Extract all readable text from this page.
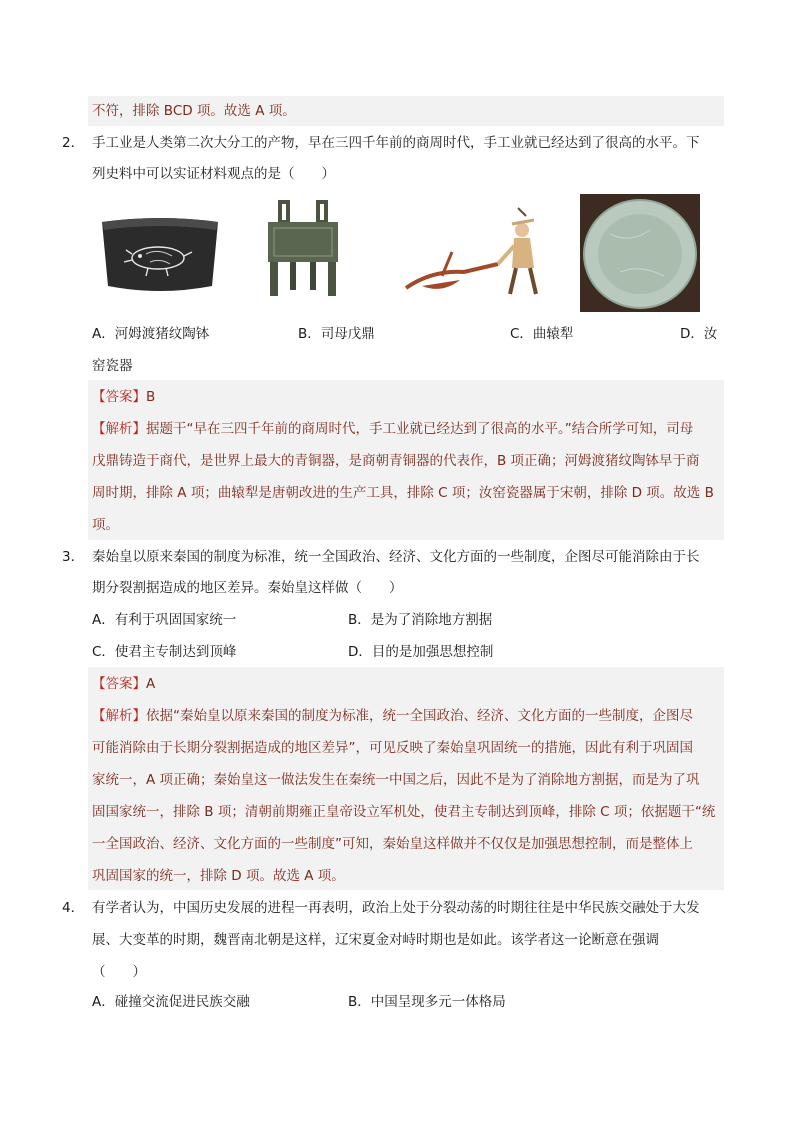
不符，排除 BCD 项。故选 A 项。
2． 手工业是人类第二次大分工的产物，早在三四千年前的商周时代，手工业就已经达到了很高的水平。下
列史料中可以实证材料观点的是（　　）
A．河姆渡猪纹陶钵	B．司母戊鼎	C．曲辕犁	D．汝
窑瓷器
【答案】B
【解析】据题干“早在三四千年前的商周时代，手工业就已经达到了很高的水平。”结合所学可知，司母
戊鼎铸造于商代，是世界上最大的青铜器，是商朝青铜器的代表作，B 项正确；河姆渡猪纹陶钵早于商
周时期，排除 A 项；曲辕犁是唐朝改进的生产工具，排除 C 项；汝窑瓷器属于宋朝，排除 D 项。故选 B
项。
3． 秦始皇以原来秦国的制度为标准，统一全国政治、经济、文化方面的一些制度，企图尽可能消除由于长
期分裂割据造成的地区差异。秦始皇这样做（　　）
A．有利于巩固国家统一	B．是为了消除地方割据
C．使君主专制达到顶峰	D．目的是加强思想控制
【答案】A
【解析】依据“秦始皇以原来秦国的制度为标准，统一全国政治、经济、文化方面的一些制度，企图尽
可能消除由于长期分裂割据造成的地区差异”，可见反映了秦始皇巩固统一的措施，因此有利于巩固国
家统一，A 项正确；秦始皇这一做法发生在秦统一中国之后，因此不是为了消除地方割据，而是为了巩
固国家统一，排除 B 项；清朝前期雍正皇帝设立军机处，使君主专制达到顶峰，排除 C 项；依据题干“统
一全国政治、经济、文化方面的一些制度”可知，秦始皇这样做并不仅仅是加强思想控制，而是整体上
巩固国家的统一，排除 D 项。故选 A 项。
4． 有学者认为，中国历史发展的进程一再表明，政治上处于分裂动荡的时期往往是中华民族交融处于大发
展、大变革的时期，魏晋南北朝是这样，辽宋夏金对峙时期也是如此。该学者这一论断意在强调
（　　）
A．碰撞交流促进民族交融	B．中国呈现多元一体格局
